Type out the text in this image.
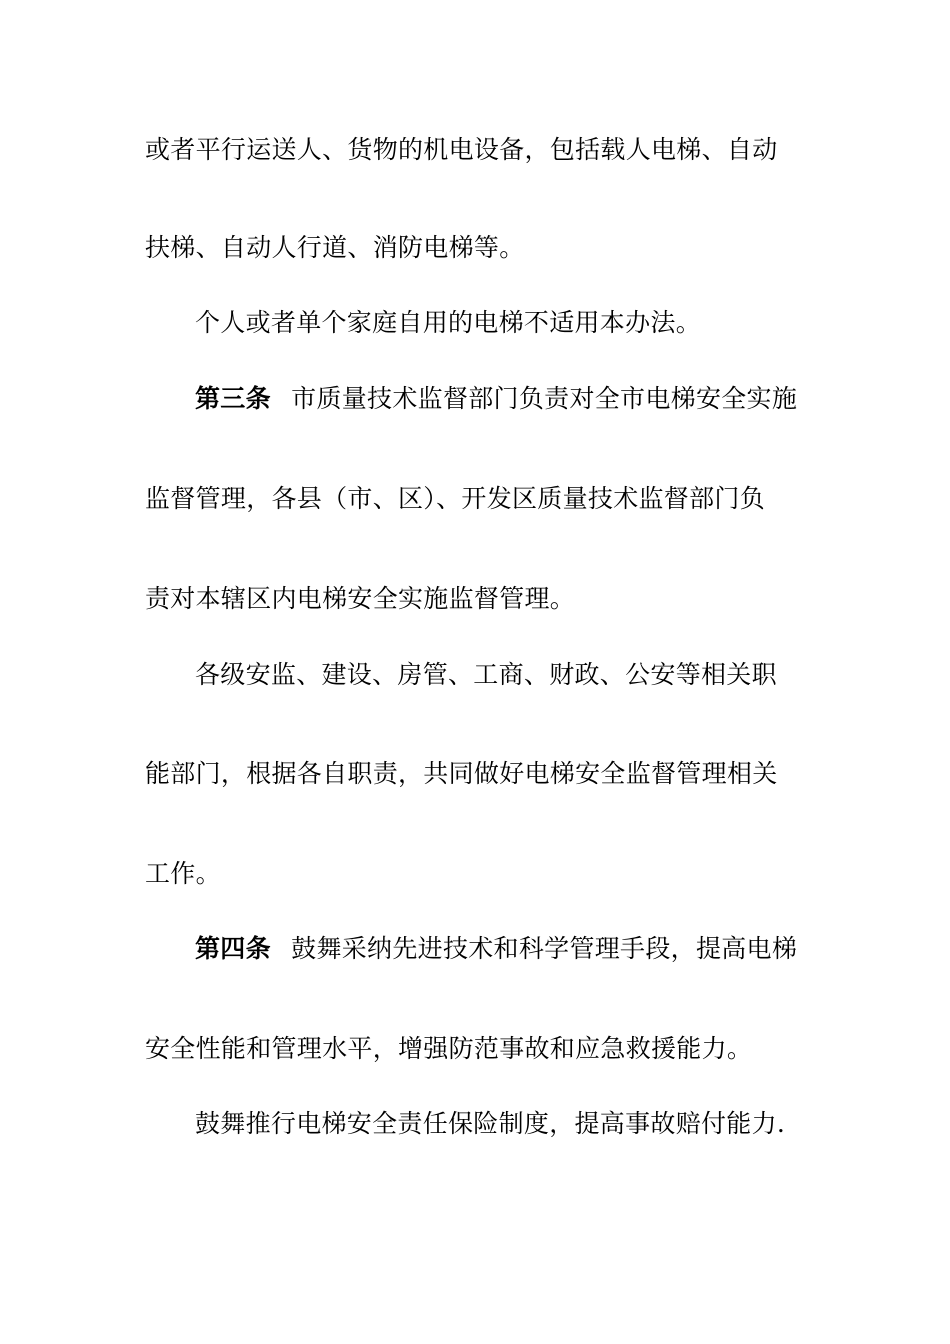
或者平行运送人、货物的机电设备，包括载人电梯、自动
扶梯、自动人行道、消防电梯等。
个人或者单个家庭自用的电梯不适用本办法。
第三条 市质量技术监督部门负责对全市电梯安全实施
监督管理，各县（市、区）、开发区质量技术监督部门负
责对本辖区内电梯安全实施监督管理。
各级安监、建设、房管、工商、财政、公安等相关职
能部门，根据各自职责，共同做好电梯安全监督管理相关
工作。
第四条 鼓舞采纳先进技术和科学管理手段，提高电梯
安全性能和管理水平，增强防范事故和应急救援能力。
鼓舞推行电梯安全责任保险制度，提高事故赔付能力.
